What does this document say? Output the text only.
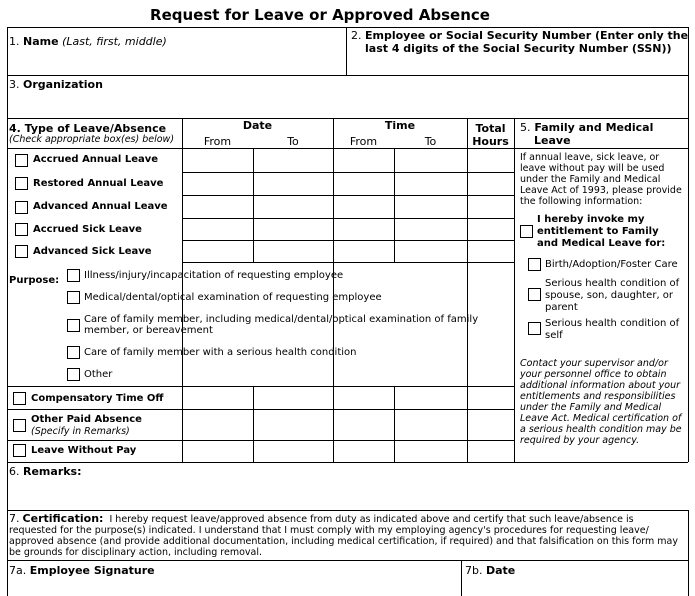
Request for Leave or Approved Absence
1. Name (Last, first, middle)	2. Employee or Social Security Number (Enter only the
last 4 digits of the Social Security Number (SSN))
3. Organization
4. Type of Leave/Absence
(Check appropriate box(es) below)
Date
From	To
Time
From	To
Total
Hours
Accrued Annual Leave
Restored Annual Leave
Advanced Annual Leave
Accrued Sick Leave
Advanced Sick Leave
Purpose: Illness/injury/incapacitation of requesting employee
Medical/dental/optical examination of requesting employee
Care of family member, including medical/dental/optical examination of family
member, or bereavement
Care of family member with a serious health condition
Other
Compensatory Time Off
Other Paid Absence
(Specify in Remarks)
Leave Without Pay
5. Family and Medical
Leave
If annual leave, sick leave, or
leave without pay will be used
under the Family and Medical
Leave Act of 1993, please provide
the following information:
I hereby invoke my
entitlement to Family
and Medical Leave for:
Birth/Adoption/Foster Care
Serious health condition of
spouse, son, daughter, or
parent
Serious health condition of
self
Contact your supervisor and/or
your personnel office to obtain
additional information about your
entitlements and responsibilities
under the Family and Medical
Leave Act. Medical certification of
a serious health condition may be
required by your agency.
6. Remarks:
7. Certification: I hereby request leave/approved absence from duty as indicated above and certify that such leave/absence is
requested for the purpose(s) indicated. I understand that I must comply with my employing agency's procedures for requesting leave/
approved absence (and provide additional documentation, including medical certification, if required) and that falsification on this form may
be grounds for disciplinary action, including removal.
7a. Employee Signature	7b. Date
